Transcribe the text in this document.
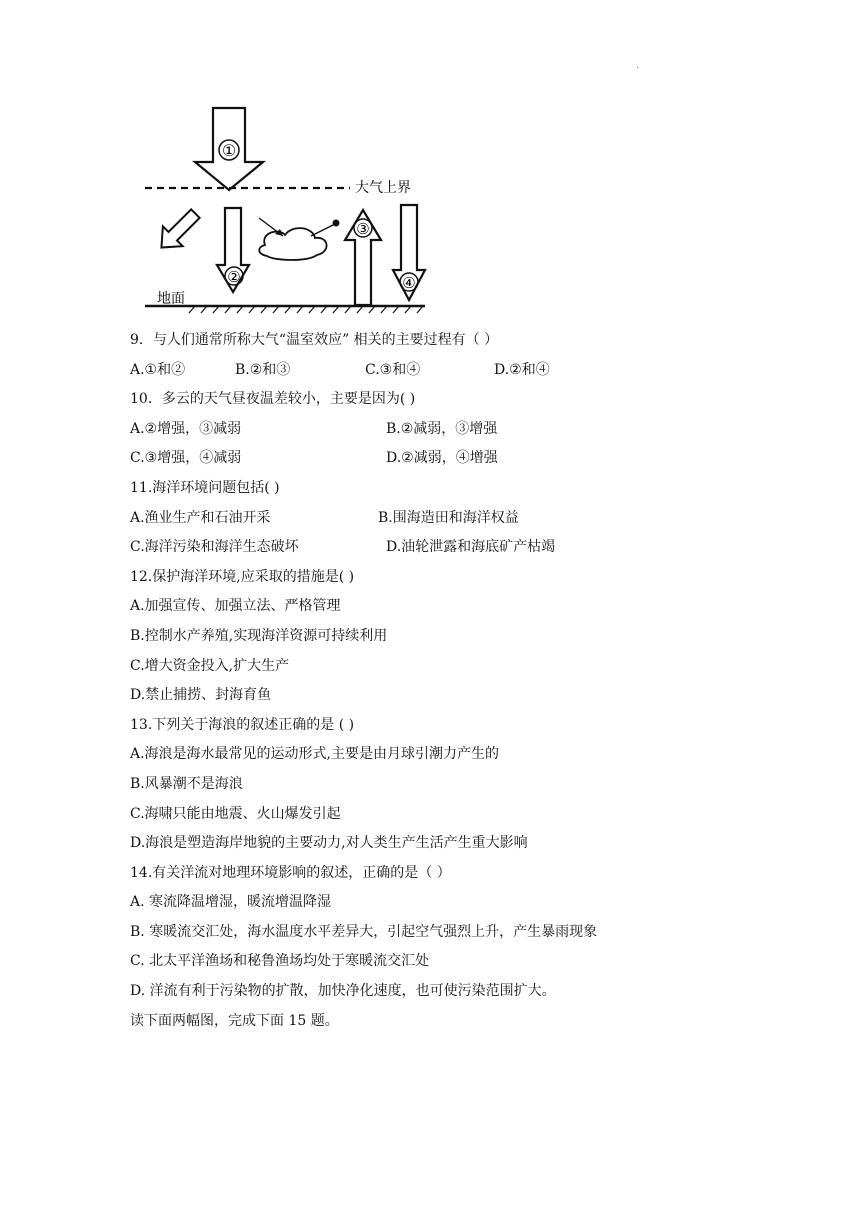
.
①
大气上界
②
③
④
地面
9．与人们通常所称大气“温室效应” 相关的主要过程有（ ）

A.①和②

	B.②和③

	C.③和④

	D.②和④

10．多云的天气昼夜温差较小，主要是因为( )

A.②增强，③减弱

	B.②减弱，③增强

C.③增强，④减弱

	D.②减弱，④增强

11.海洋环境问题包括( )

A.渔业生产和石油开采

	B.围海造田和海洋权益

C.海洋污染和海洋生态破坏

	D.油轮泄露和海底矿产枯竭

12.保护海洋环境,应采取的措施是( )
A.加强宣传、加强立法、严格管理
B.控制水产养殖,实现海洋资源可持续利用
C.增大资金投入,扩大生产
D.禁止捕捞、封海育鱼
13.下列关于海浪的叙述正确的是 ( )
A.海浪是海水最常见的运动形式,主要是由月球引潮力产生的
B.风暴潮不是海浪
C.海啸只能由地震、火山爆发引起
D.海浪是塑造海岸地貌的主要动力,对人类生产生活产生重大影响
14.有关洋流对地理环境影响的叙述，正确的是（ ）
A. 寒流降温增湿，暖流增温降湿
B. 寒暖流交汇处，海水温度水平差异大，引起空气强烈上升，产生暴雨现象
C. 北太平洋渔场和秘鲁渔场均处于寒暖流交汇处
D. 洋流有利于污染物的扩散，加快净化速度，也可使污染范围扩大。
读下面两幅图，完成下面 15 题。
